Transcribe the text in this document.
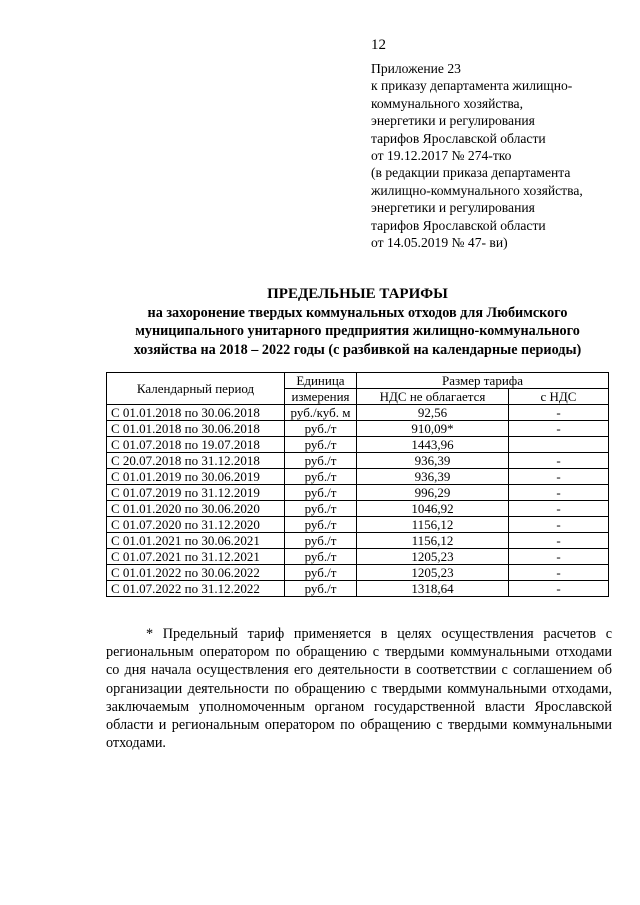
12
Приложение 23
к приказу департамента жилищно-
коммунального хозяйства,
энергетики и регулирования
тарифов Ярославской области
от 19.12.2017 № 274-тко
(в редакции приказа департамента
жилищно-коммунального хозяйства,
энергетики и регулирования
тарифов Ярославской области
от 14.05.2019 № 47- ви)
ПРЕДЕЛЬНЫЕ ТАРИФЫ
на захоронение твердых коммунальных отходов для Любимского
муниципального унитарного предприятия жилищно-коммунального
хозяйства на 2018 – 2022 годы (с разбивкой на календарные периоды)
Календарный период	Единица	Размер тарифа	
	измерения	НДС не облагается	с НДС
С 01.01.2018 по 30.06.2018	руб./куб. м	92,56	-
С 01.01.2018 по 30.06.2018	руб./т	910,09*	-
С 01.07.2018 по 19.07.2018	руб./т	1443,96	
С 20.07.2018 по 31.12.2018	руб./т	936,39	-
С 01.01.2019 по 30.06.2019	руб./т	936,39	-
С 01.07.2019 по 31.12.2019	руб./т	996,29	-
С 01.01.2020 по 30.06.2020	руб./т	1046,92	-
С 01.07.2020 по 31.12.2020	руб./т	1156,12	-
С 01.01.2021 по 30.06.2021	руб./т	1156,12	-
С 01.07.2021 по 31.12.2021	руб./т	1205,23	-
С 01.01.2022 по 30.06.2022	руб./т	1205,23	-
С 01.07.2022 по 31.12.2022	руб./т	1318,64	-

* Предельный тариф применяется в целях осуществления расчетов с региональным оператором по обращению с твердыми коммунальными отходами со дня начала осуществления его деятельности в соответствии с соглашением об организации деятельности по обращению с твердыми коммунальными отходами, заключаемым уполномоченным органом государственной власти Ярославской области и региональным оператором по обращению с твердыми коммунальными отходами.
